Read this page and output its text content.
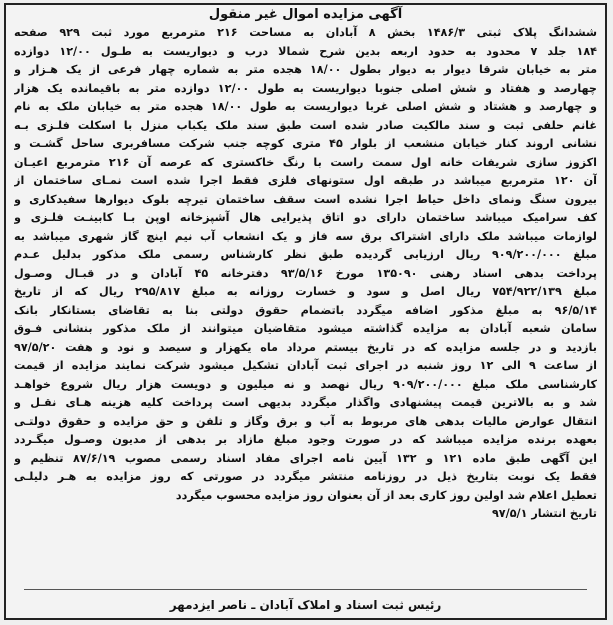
آگهی مزایده اموال غیر منقول
ششدانگ پلاک ثبتی ۱۴۸۶/۳ بخش ۸ آبادان به مساحت ۲۱۶ مترمربع مورد ثبت ۹۲۹ صفحه
۱۸۴ جلد ۷ محدود به حدود اربعه بدین شرح شمالا درب و دیواریست به طـول ۱۲/۰۰ دوازده
متر به خیابان شرقا دیوار به دیوار بطول ۱۸/۰۰ هجده متر به شماره چهار فرعی از یک هـزار و
چهارصد و هفتاد و شش اصلی جنوبا دیواریست به طول ۱۲/۰۰ دوازده متر به باقیمانده یک هزار
و چهارصد و هشتاد و شش اصلی غربا دیواریست به طول ۱۸/۰۰ هجده متر به خیابان ملک به نام
غانم حلفی ثبت و سند مالکیت صادر شده است طبق سند ملک یکباب منزل با اسکلت فلـزی بـه
نشانی اروند کنار خیابان منشعب از بلوار ۴۵ متری کوچه جنب شرکت مسافربری ساحل گشـت و
اکزوز سازی شریفات خانه اول سمت راست با رنگ خاکستری که عرصه آن ۲۱۶ مترمربع اعیـان
آن ۱۲۰ مترمربع میباشد در طبقه اول ستونهای فلزی فقط اجرا شده است نمـای ساختمان از
بیرون سنگ ونمای داخل حیاط اجرا نشده است سقف ساختمان تیرچه بلوک دیوارها سفیدکاری و
کف سرامیک میباشد ساختمان دارای دو اتاق پذیرایی هال آشپزخانه اوپن بـا کابینـت فلـزی و
لوازمات میباشد ملک دارای اشتراک برق سه فاز و یک انشعاب آب نیم اینچ گاز شهری میباشد به
مبلغ ۹۰۹/۲۰۰/۰۰۰ ریال ارزیابی گردیده طبق نظر کارشناس رسمی ملک مذکور بدلیل عـدم
پرداخت بدهی اسناد رهنی ۱۳۵۰۹۰ مورخ ۹۳/۵/۱۶ دفترخانه ۴۵ آبادان و در قبـال وصـول
مبلغ ۷۵۴/۹۲۲/۱۳۹ ریال اصل و سود و خسارت روزانه به مبلغ ۲۹۵/۸۱۷ ریال که از تاریخ
۹۶/۵/۱۴ به مبلغ مذکور اضافه میگردد باتضمام حقوق دولتی بنا به تقاضای بستانکار بانک
سامان شعبه آبادان به مزایده گذاشته میشود متقاضیان میتوانند از ملک مذکور بنشانی فـوق
بازدید و در جلسه مزایده که در تاریخ بیستم مرداد ماه یکهزار و سیصد و نود و هفت ۹۷/۵/۲۰
از ساعت ۹ الی ۱۲ روز شنبه در اجرای ثبت آبادان تشکیل میشود شرکت نمایند مزایده از قیمت
کارشناسی ملک مبلغ ۹۰۹/۲۰۰/۰۰۰ ریال نهصد و نه میلیون و دویست هزار ریال شروع خواهـد
شد و به بالاترین قیمت پیشنهادی واگذار میگردد بدیهی است پرداخت کلیه هزینه هـای نقـل و
انتقال عوارض مالیات بدهی های مربوط به آب و برق وگاز و تلفن و حق مزایده و حقوق دولتـی
بعهده برنده مزایده میباشد که در صورت وجود مبلغ مازاد بر بدهی از مدیون وصـول میگـردد
این آگهی طبق ماده ۱۲۱ و ۱۳۲ آیین نامه اجرای مفاد اسناد رسمی مصوب ۸۷/۶/۱۹ تنظیم و
فقط یک نوبت بتاریخ ذیل در روزنامه منتشر میگردد در صورتی که روز مزایده به هـر دلیلـی
تعطیل اعلام شد اولین روز کاری بعد از آن بعنوان روز مزایده محسوب میگردد
تاریخ انتشار ۹۷/۵/۱
رئیس ثبت اسناد و املاک آبادان ـ ناصر ایزدمهر
